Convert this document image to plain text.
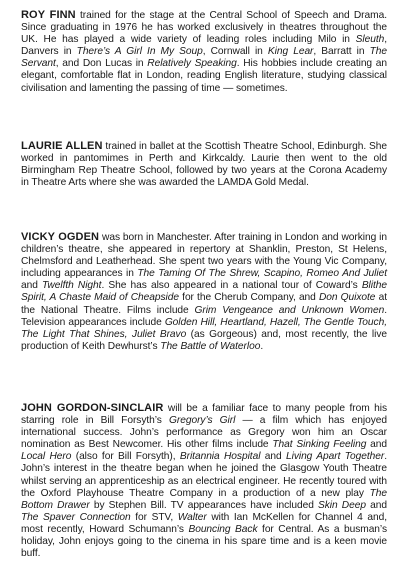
ROY FINN trained for the stage at the Central School of Speech and Drama. Since graduating in 1976 he has worked exclusively in theatres throughout the UK. He has played a wide variety of leading roles including Milo in Sleuth, Danvers in There’s A Girl In My Soup, Cornwall in King Lear, Barratt in The Servant, and Don Lucas in Relatively Speaking. His hobbies include creating an elegant, comfortable flat in London, reading English literature, studying classical civilisation and lamenting the passing of time — sometimes.

LAURIE ALLEN trained in ballet at the Scottish Theatre School, Edinburgh. She worked in pantomimes in Perth and Kirkcaldy. Laurie then went to the old Birmingham Rep Theatre School, followed by two years at the Corona Academy in Theatre Arts where she was awarded the LAMDA Gold Medal.

VICKY OGDEN was born in Manchester. After training in London and working in children’s theatre, she appeared in repertory at Shanklin, Preston, St Helens, Chelmsford and Leatherhead. She spent two years with the Young Vic Company, including appearances in The Taming Of The Shrew, Scapino, Romeo And Juliet and Twelfth Night. She has also appeared in a national tour of Coward’s Blithe Spirit, A Chaste Maid of Cheapside for the Cherub Company, and Don Quixote at the National Theatre. Films include Grim Vengeance and Unknown Women. Television appearances include Golden Hill, Heartland, Hazell, The Gentle Touch, The Light That Shines, Juliet Bravo (as Gorgeous) and, most recently, the live production of Keith Dewhurst’s The Battle of Waterloo.

JOHN GORDON-SINCLAIR will be a familiar face to many people from his starring role in Bill Forsyth’s Gregory’s Girl — a film which has enjoyed international success. John’s performance as Gregory won him an Oscar nomination as Best Newcomer. His other films include That Sinking Feeling and Local Hero (also for Bill Forsyth), Britannia Hospital and Living Apart Together. John’s interest in the theatre began when he joined the Glasgow Youth Theatre whilst serving an apprenticeship as an electrical engineer. He recently toured with the Oxford Playhouse Theatre Company in a production of a new play The Bottom Drawer by Stephen Bill. TV appearances have included Skin Deep and The Spaver Connection for STV, Walter with Ian McKellen for Channel 4 and, most recently, Howard Schumann’s Bouncing Back for Central. As a busman’s holiday, John enjoys going to the cinema in his spare time and is a keen movie buff.
